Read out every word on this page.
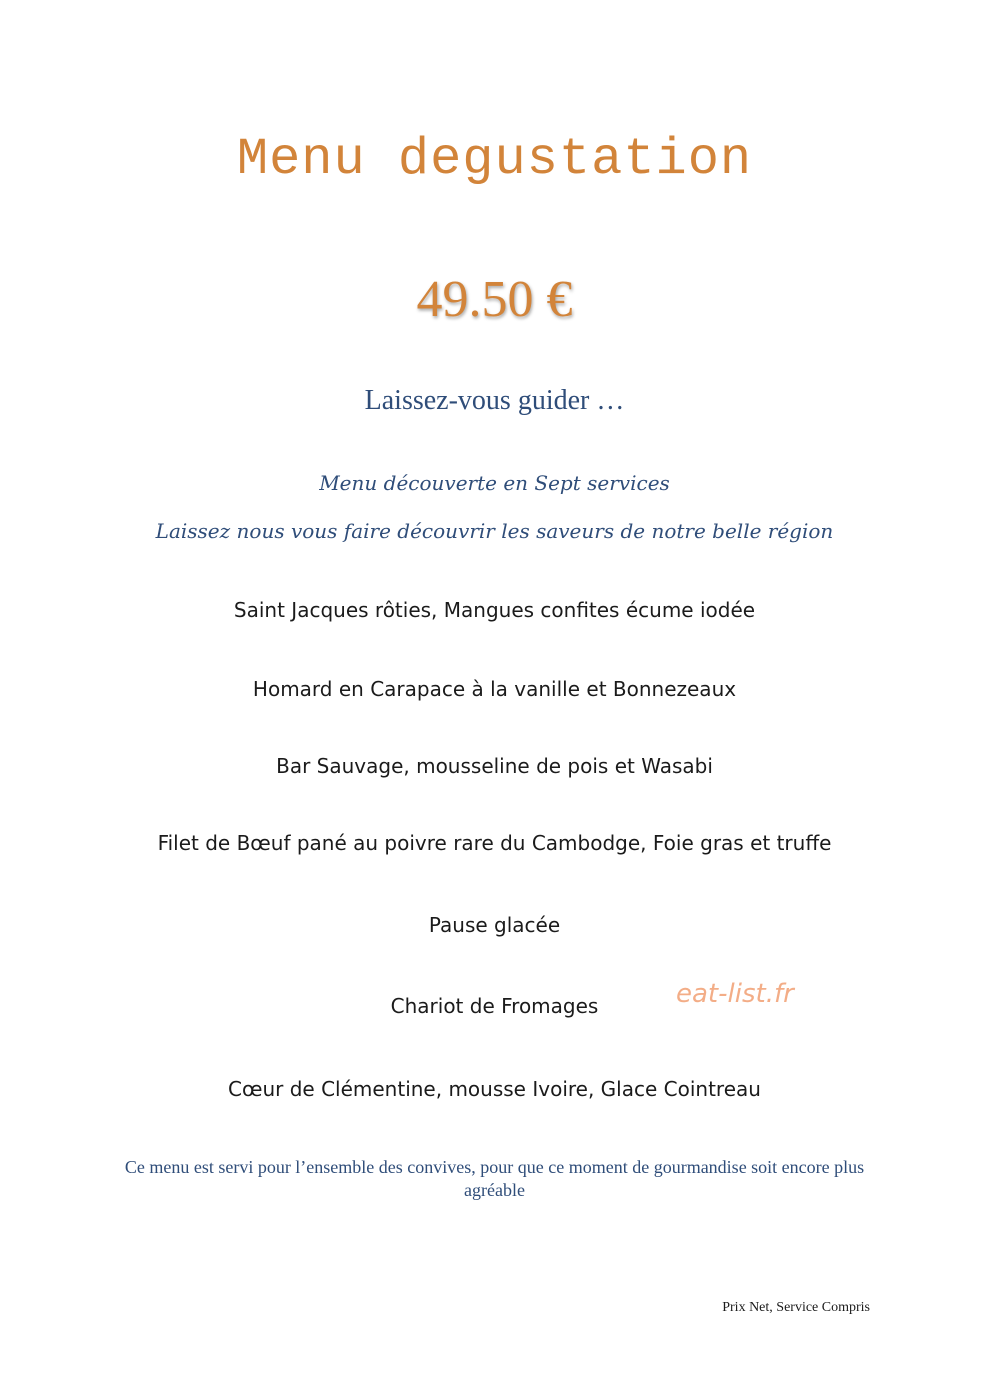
Menu degustation
49.50 €
Laissez-vous guider …
Menu découverte en Sept services
Laissez nous vous faire découvrir les saveurs de notre belle région
Saint Jacques rôties, Mangues confites écume iodée
Homard en Carapace à la vanille et Bonnezeaux
Bar Sauvage, mousseline de pois et Wasabi
Filet de Bœuf pané au poivre rare du Cambodge, Foie gras et truffe
Pause glacée
Chariot de Fromages
Cœur de Clémentine, mousse Ivoire, Glace Cointreau
eat-list.fr
Ce menu est servi pour l’ensemble des convives, pour que ce moment de gourmandise soit encore plus agréable
Prix Net, Service Compris
